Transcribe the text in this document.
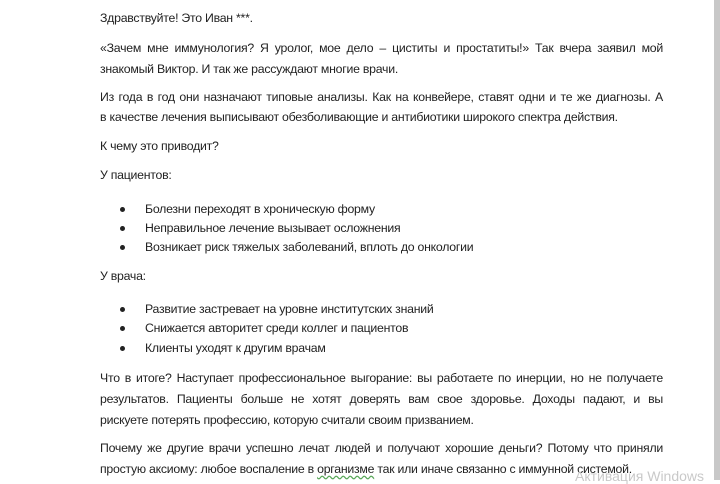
Здравствуйте! Это Иван ***.
«Зачем мне иммунология? Я уролог, мое дело – циститы и простатиты!» Так вчера заявил мой
знакомый Виктор. И так же рассуждают многие врачи.
Из года в год они назначают типовые анализы. Как на конвейере, ставят одни и те же диагнозы. А
в качестве лечения выписывают обезболивающие и антибиотики широкого спектра действия.
К чему это приводит?
У пациентов:
Болезни переходят в хроническую форму
Неправильное лечение вызывает осложнения
Возникает риск тяжелых заболеваний, вплоть до онкологии
У врача:
Развитие застревает на уровне институтских знаний
Снижается авторитет среди коллег и пациентов
Клиенты уходят к другим врачам
Что в итоге? Наступает профессиональное выгорание: вы работаете по инерции, но не получаете
результатов. Пациенты больше не хотят доверять вам свое здоровье. Доходы падают, и вы
рискуете потерять профессию, которую считали своим призванием.
Почему же другие врачи успешно лечат людей и получают хорошие деньги? Потому что приняли
простую аксиому: любое воспаление в организме так или иначе связанно с иммунной системой.
Активация Windows
